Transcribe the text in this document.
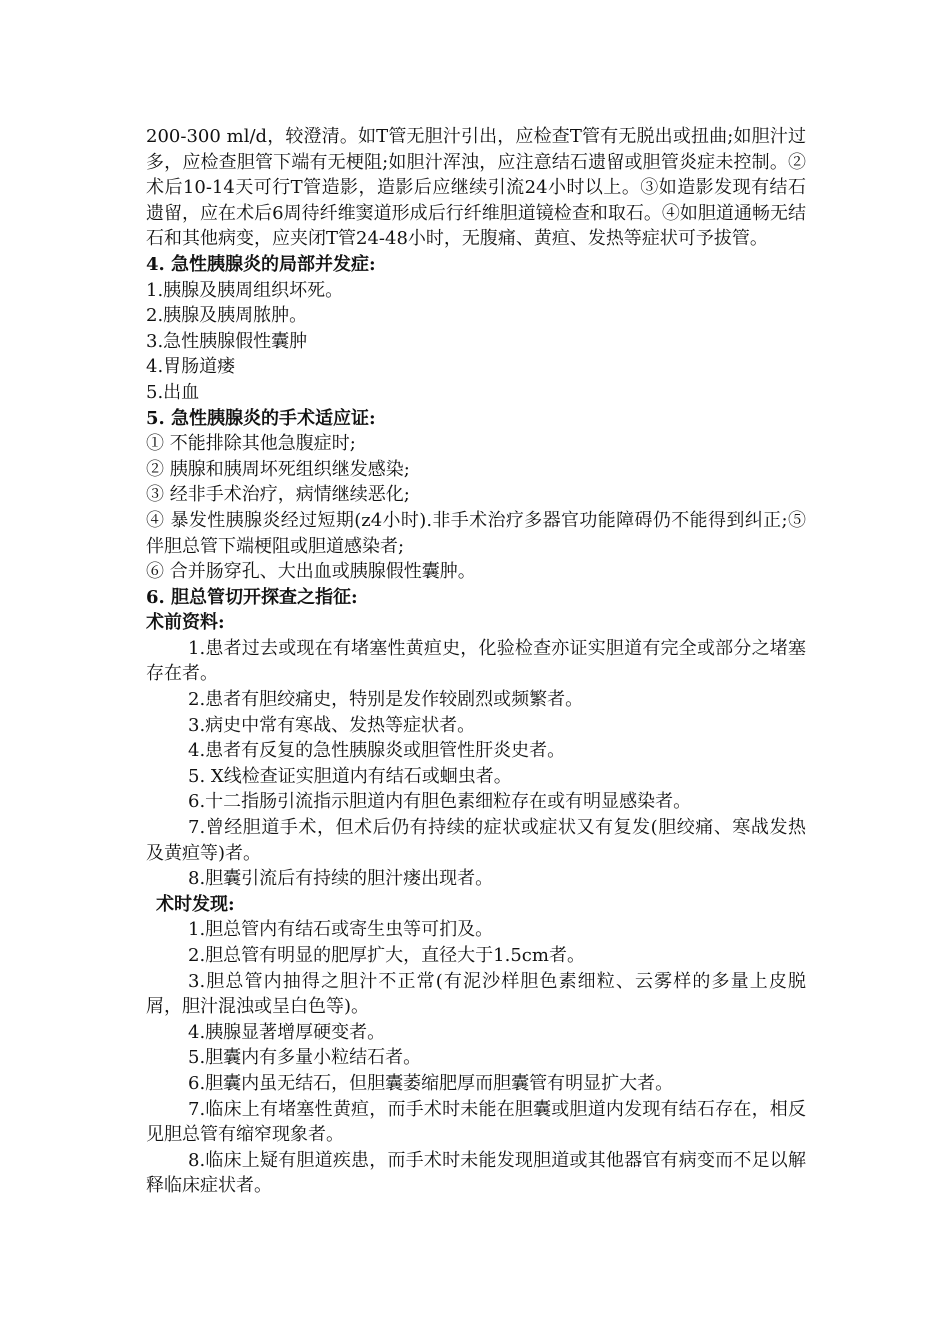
200-300 ml/d，较澄清。如T管无胆汁引出，应检查T管有无脱出或扭曲;如胆汁过多，应检查胆管下端有无梗阻;如胆汁浑浊，应注意结石遗留或胆管炎症未控制。②术后10-14天可行T管造影，造影后应继续引流24小时以上。③如造影发现有结石遗留，应在术后6周待纤维窦道形成后行纤维胆道镜检查和取石。④如胆道通畅无结石和其他病变，应夹闭T管24-48小时，无腹痛、黄疸、发热等症状可予拔管。

4. 急性胰腺炎的局部并发症:

1.胰腺及胰周组织坏死。

2.胰腺及胰周脓肿。

3.急性胰腺假性囊肿

4.胃肠道瘘

5.出血

5. 急性胰腺炎的手术适应证:

① 不能排除其他急腹症时;

② 胰腺和胰周坏死组织继发感染;

③ 经非手术治疗，病情继续恶化;

④ 暴发性胰腺炎经过短期(z4小时).非手术治疗多器官功能障碍仍不能得到纠正;⑤ 伴胆总管下端梗阻或胆道感染者;

⑥ 合并肠穿孔、大出血或胰腺假性囊肿。

6. 胆总管切开探查之指征:

术前资料:

1.患者过去或现在有堵塞性黄疸史，化验检查亦证实胆道有完全或部分之堵塞存在者。

2.患者有胆绞痛史，特别是发作较剧烈或频繁者。

3.病史中常有寒战、发热等症状者。

4.患者有反复的急性胰腺炎或胆管性肝炎史者。

5. X线检查证实胆道内有结石或蛔虫者。

6.十二指肠引流指示胆道内有胆色素细粒存在或有明显感染者。

7.曾经胆道手术，但术后仍有持续的症状或症状又有复发(胆绞痛、寒战发热及黄疸等)者。

8.胆囊引流后有持续的胆汁瘘出现者。

术时发现:

1.胆总管内有结石或寄生虫等可扪及。

2.胆总管有明显的肥厚扩大，直径大于1.5cm者。

3.胆总管内抽得之胆汁不正常(有泥沙样胆色素细粒、云雾样的多量上皮脱屑，胆汁混浊或呈白色等)。

4.胰腺显著增厚硬变者。

5.胆囊内有多量小粒结石者。

6.胆囊内虽无结石，但胆囊萎缩肥厚而胆囊管有明显扩大者。

7.临床上有堵塞性黄疸，而手术时未能在胆囊或胆道内发现有结石存在，相反见胆总管有缩窄现象者。

8.临床上疑有胆道疾患，而手术时未能发现胆道或其他器官有病变而不足以解释临床症状者。
